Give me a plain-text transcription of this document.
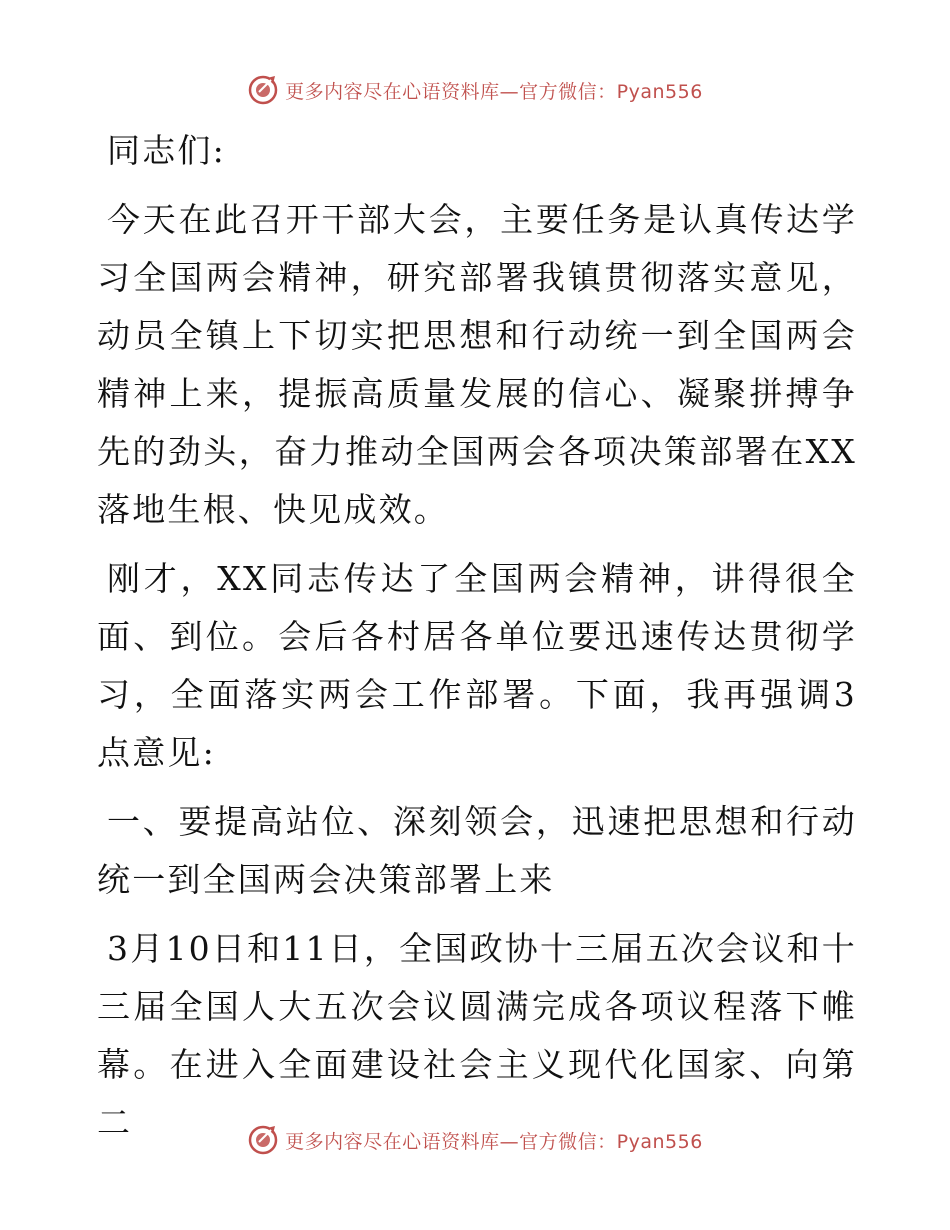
更多内容尽在心语资料库—官方微信：Pyan556

同志们:

今天在此召开干部大会，主要任务是认真传达学习全国两会精神，研究部署我镇贯彻落实意见，动员全镇上下切实把思想和行动统一到全国两会精神上来，提振高质量发展的信心、凝聚拼搏争先的劲头，奋力推动全国两会各项决策部署在XX落地生根、快见成效。

刚才，XX同志传达了全国两会精神，讲得很全面、到位。会后各村居各单位要迅速传达贯彻学习，全面落实两会工作部署。下面，我再强调3点意见:

一、要提高站位、深刻领会，迅速把思想和行动统一到全国两会决策部署上来

3月10日和11日，全国政协十三届五次会议和十三届全国人大五次会议圆满完成各项议程落下帷幕。在进入全面建设社会主义现代化国家、向第二	更多内容尽在心语资料库—官方微信：Pyan556
